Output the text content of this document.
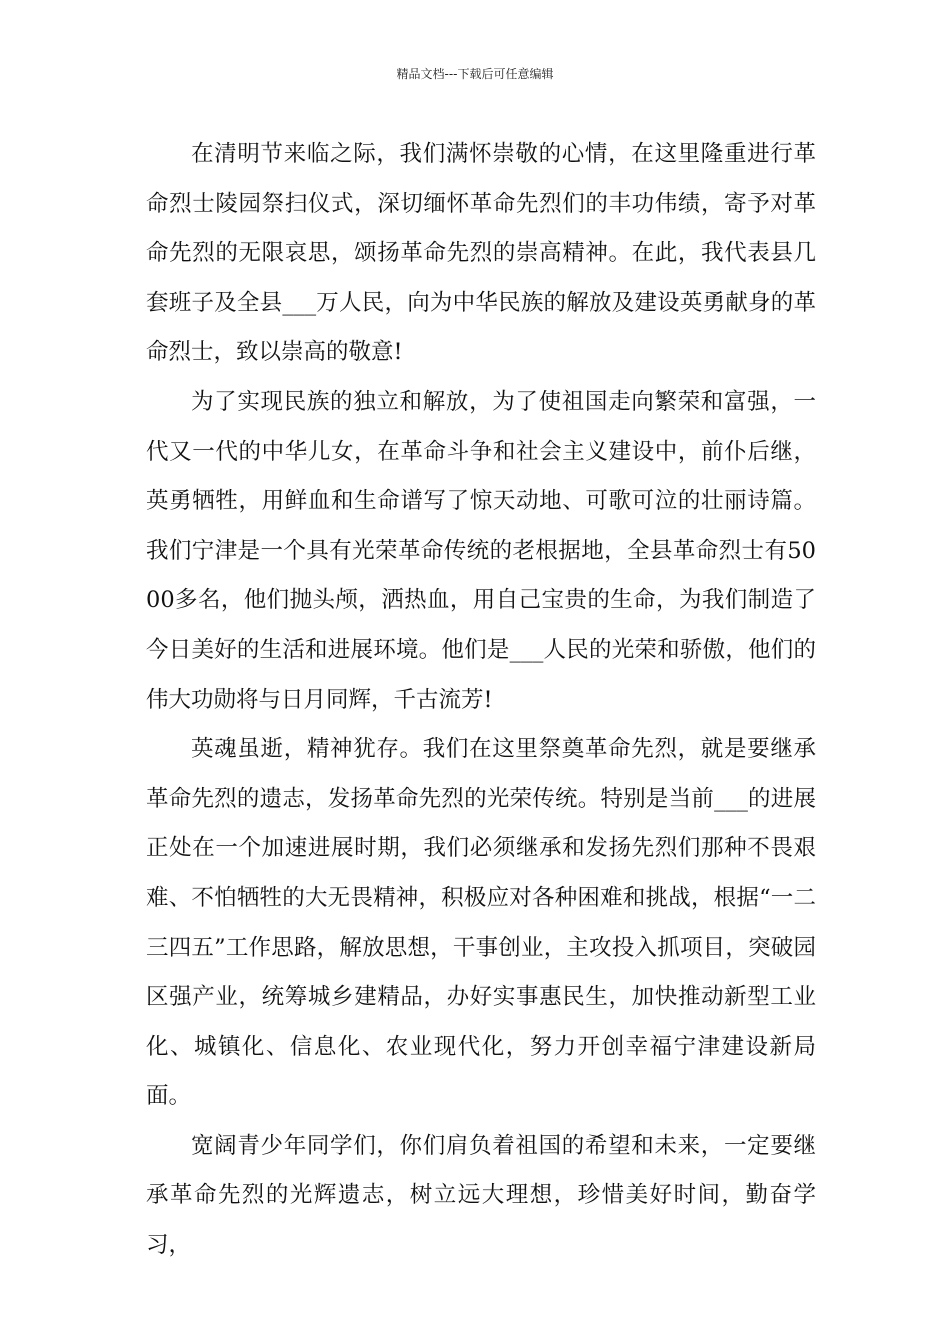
精品文档---下载后可任意编辑

在清明节来临之际，我们满怀崇敬的心情，在这里隆重进行革命烈士陵园祭扫仪式，深切缅怀革命先烈们的丰功伟绩，寄予对革命先烈的无限哀思，颂扬革命先烈的崇高精神。在此，我代表县几套班子及全县___万人民，向为中华民族的解放及建设英勇献身的革命烈士，致以崇高的敬意!

为了实现民族的独立和解放，为了使祖国走向繁荣和富强，一代又一代的中华儿女，在革命斗争和社会主义建设中，前仆后继，英勇牺牲，用鲜血和生命谱写了惊天动地、可歌可泣的壮丽诗篇。我们宁津是一个具有光荣革命传统的老根据地，全县革命烈士有5000多名，他们抛头颅，洒热血，用自己宝贵的生命，为我们制造了今日美好的生活和进展环境。他们是___人民的光荣和骄傲，他们的伟大功勋将与日月同辉，千古流芳!

英魂虽逝，精神犹存。我们在这里祭奠革命先烈，就是要继承革命先烈的遗志，发扬革命先烈的光荣传统。特别是当前___的进展正处在一个加速进展时期，我们必须继承和发扬先烈们那种不畏艰难、不怕牺牲的大无畏精神，积极应对各种困难和挑战，根据“一二三四五”工作思路，解放思想，干事创业，主攻投入抓项目，突破园区强产业，统筹城乡建精品，办好实事惠民生，加快推动新型工业化、城镇化、信息化、农业现代化，努力开创幸福宁津建设新局面。

宽阔青少年同学们，你们肩负着祖国的希望和未来，一定要继承革命先烈的光辉遗志，树立远大理想，珍惜美好时间，勤奋学习，
